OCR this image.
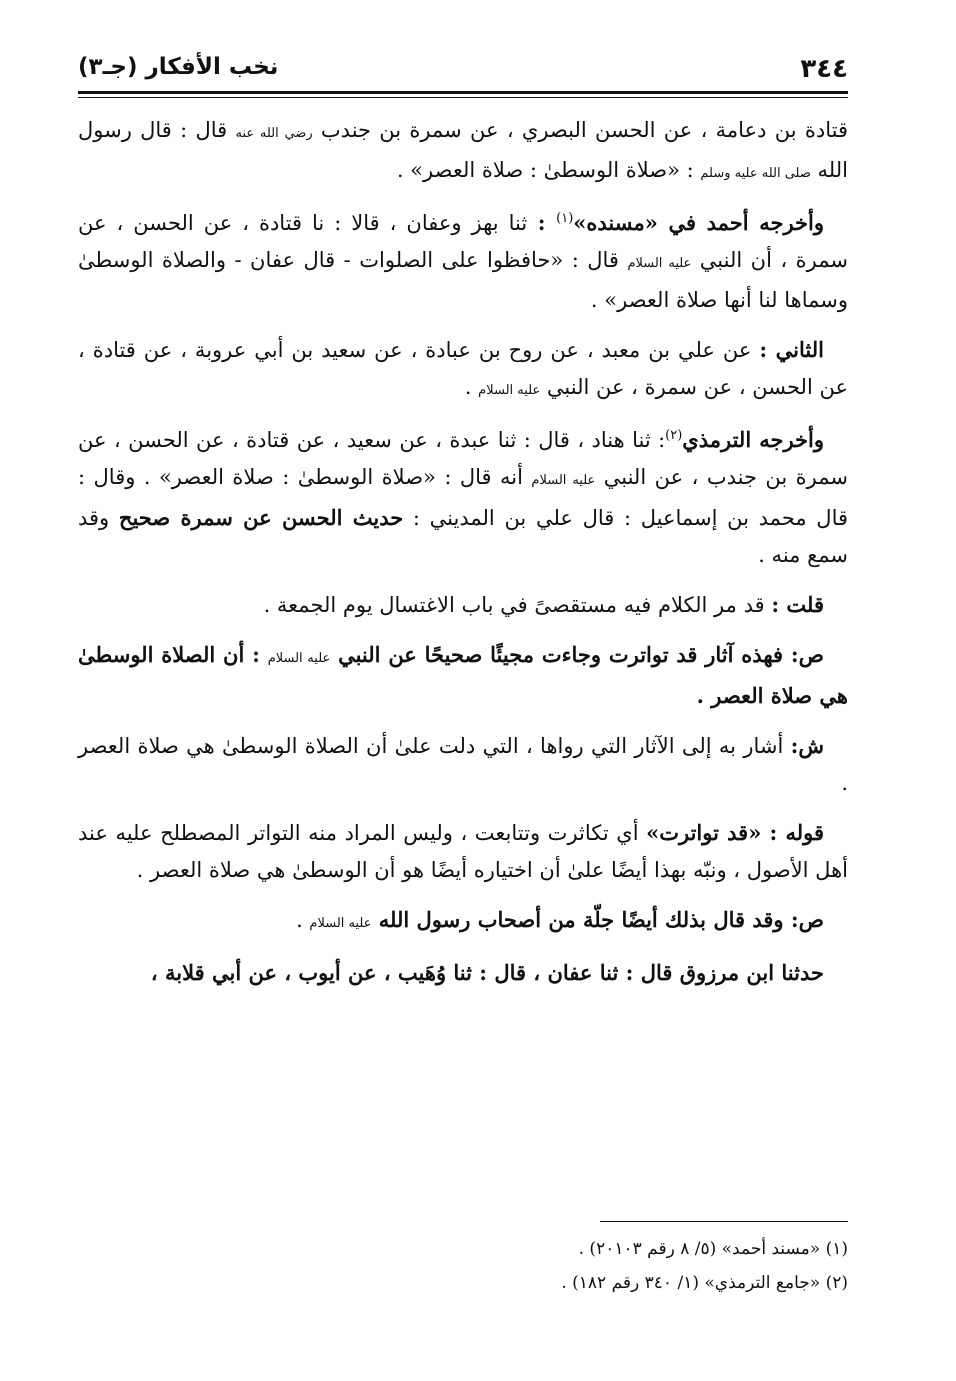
٣٤٤
نخب الأفكار (جـ٣)

قتادة بن دعامة ، عن الحسن البصري ، عن سمرة بن جندب رضي الله عنه قال : قال رسول الله صلى الله عليه وسلم : «صلاة الوسطىٰ : صلاة العصر» .

وأخرجه أحمد في «مسنده»$^{(١)}$ : ثنا بهز وعفان ، قالا : نا قتادة ، عن الحسن ، عن سمرة ، أن النبي عليه السلام قال : «حافظوا على الصلوات - قال عفان - والصلاة الوسطىٰ وسماها لنا أنها صلاة العصر» .

الثاني : عن علي بن معبد ، عن روح بن عبادة ، عن سعيد بن أبي عروبة ، عن قتادة ، عن الحسن ، عن سمرة ، عن النبي عليه السلام .

وأخرجه الترمذي$^{(٢)}$: ثنا هناد ، قال : ثنا عبدة ، عن سعيد ، عن قتادة ، عن الحسن ، عن سمرة بن جندب ، عن النبي عليه السلام أنه قال : «صلاة الوسطىٰ : صلاة العصر» . وقال : قال محمد بن إسماعيل : قال علي بن المديني : حديث الحسن عن سمرة صحيح وقد سمع منه .

قلت : قد مر الكلام فيه مستقصىً في باب الاغتسال يوم الجمعة .

ص: فهذه آثار قد تواترت وجاءت مجيئًا صحيحًا عن النبي عليه السلام : أن الصلاة الوسطىٰ هي صلاة العصر .

ش: أشار به إلى الآثار التي رواها ، التي دلت علىٰ أن الصلاة الوسطىٰ هي صلاة العصر .

قوله : «قد تواترت» أي تكاثرت وتتابعت ، وليس المراد منه التواتر المصطلح عليه عند أهل الأصول ، ونبّه بهذا أيضًا علىٰ أن اختياره أيضًا هو أن الوسطىٰ هي صلاة العصر .

ص: وقد قال بذلك أيضًا جلّة من أصحاب رسول الله عليه السلام .

حدثنا ابن مرزوق قال : ثنا عفان ، قال : ثنا وُهَيب ، عن أيوب ، عن أبي قلابة ،

(١) «مسند أحمد» (٥/ ٨ رقم ٢٠١٠٣) .
(٢) «جامع الترمذي» (١/ ٣٤٠ رقم ١٨٢) .
